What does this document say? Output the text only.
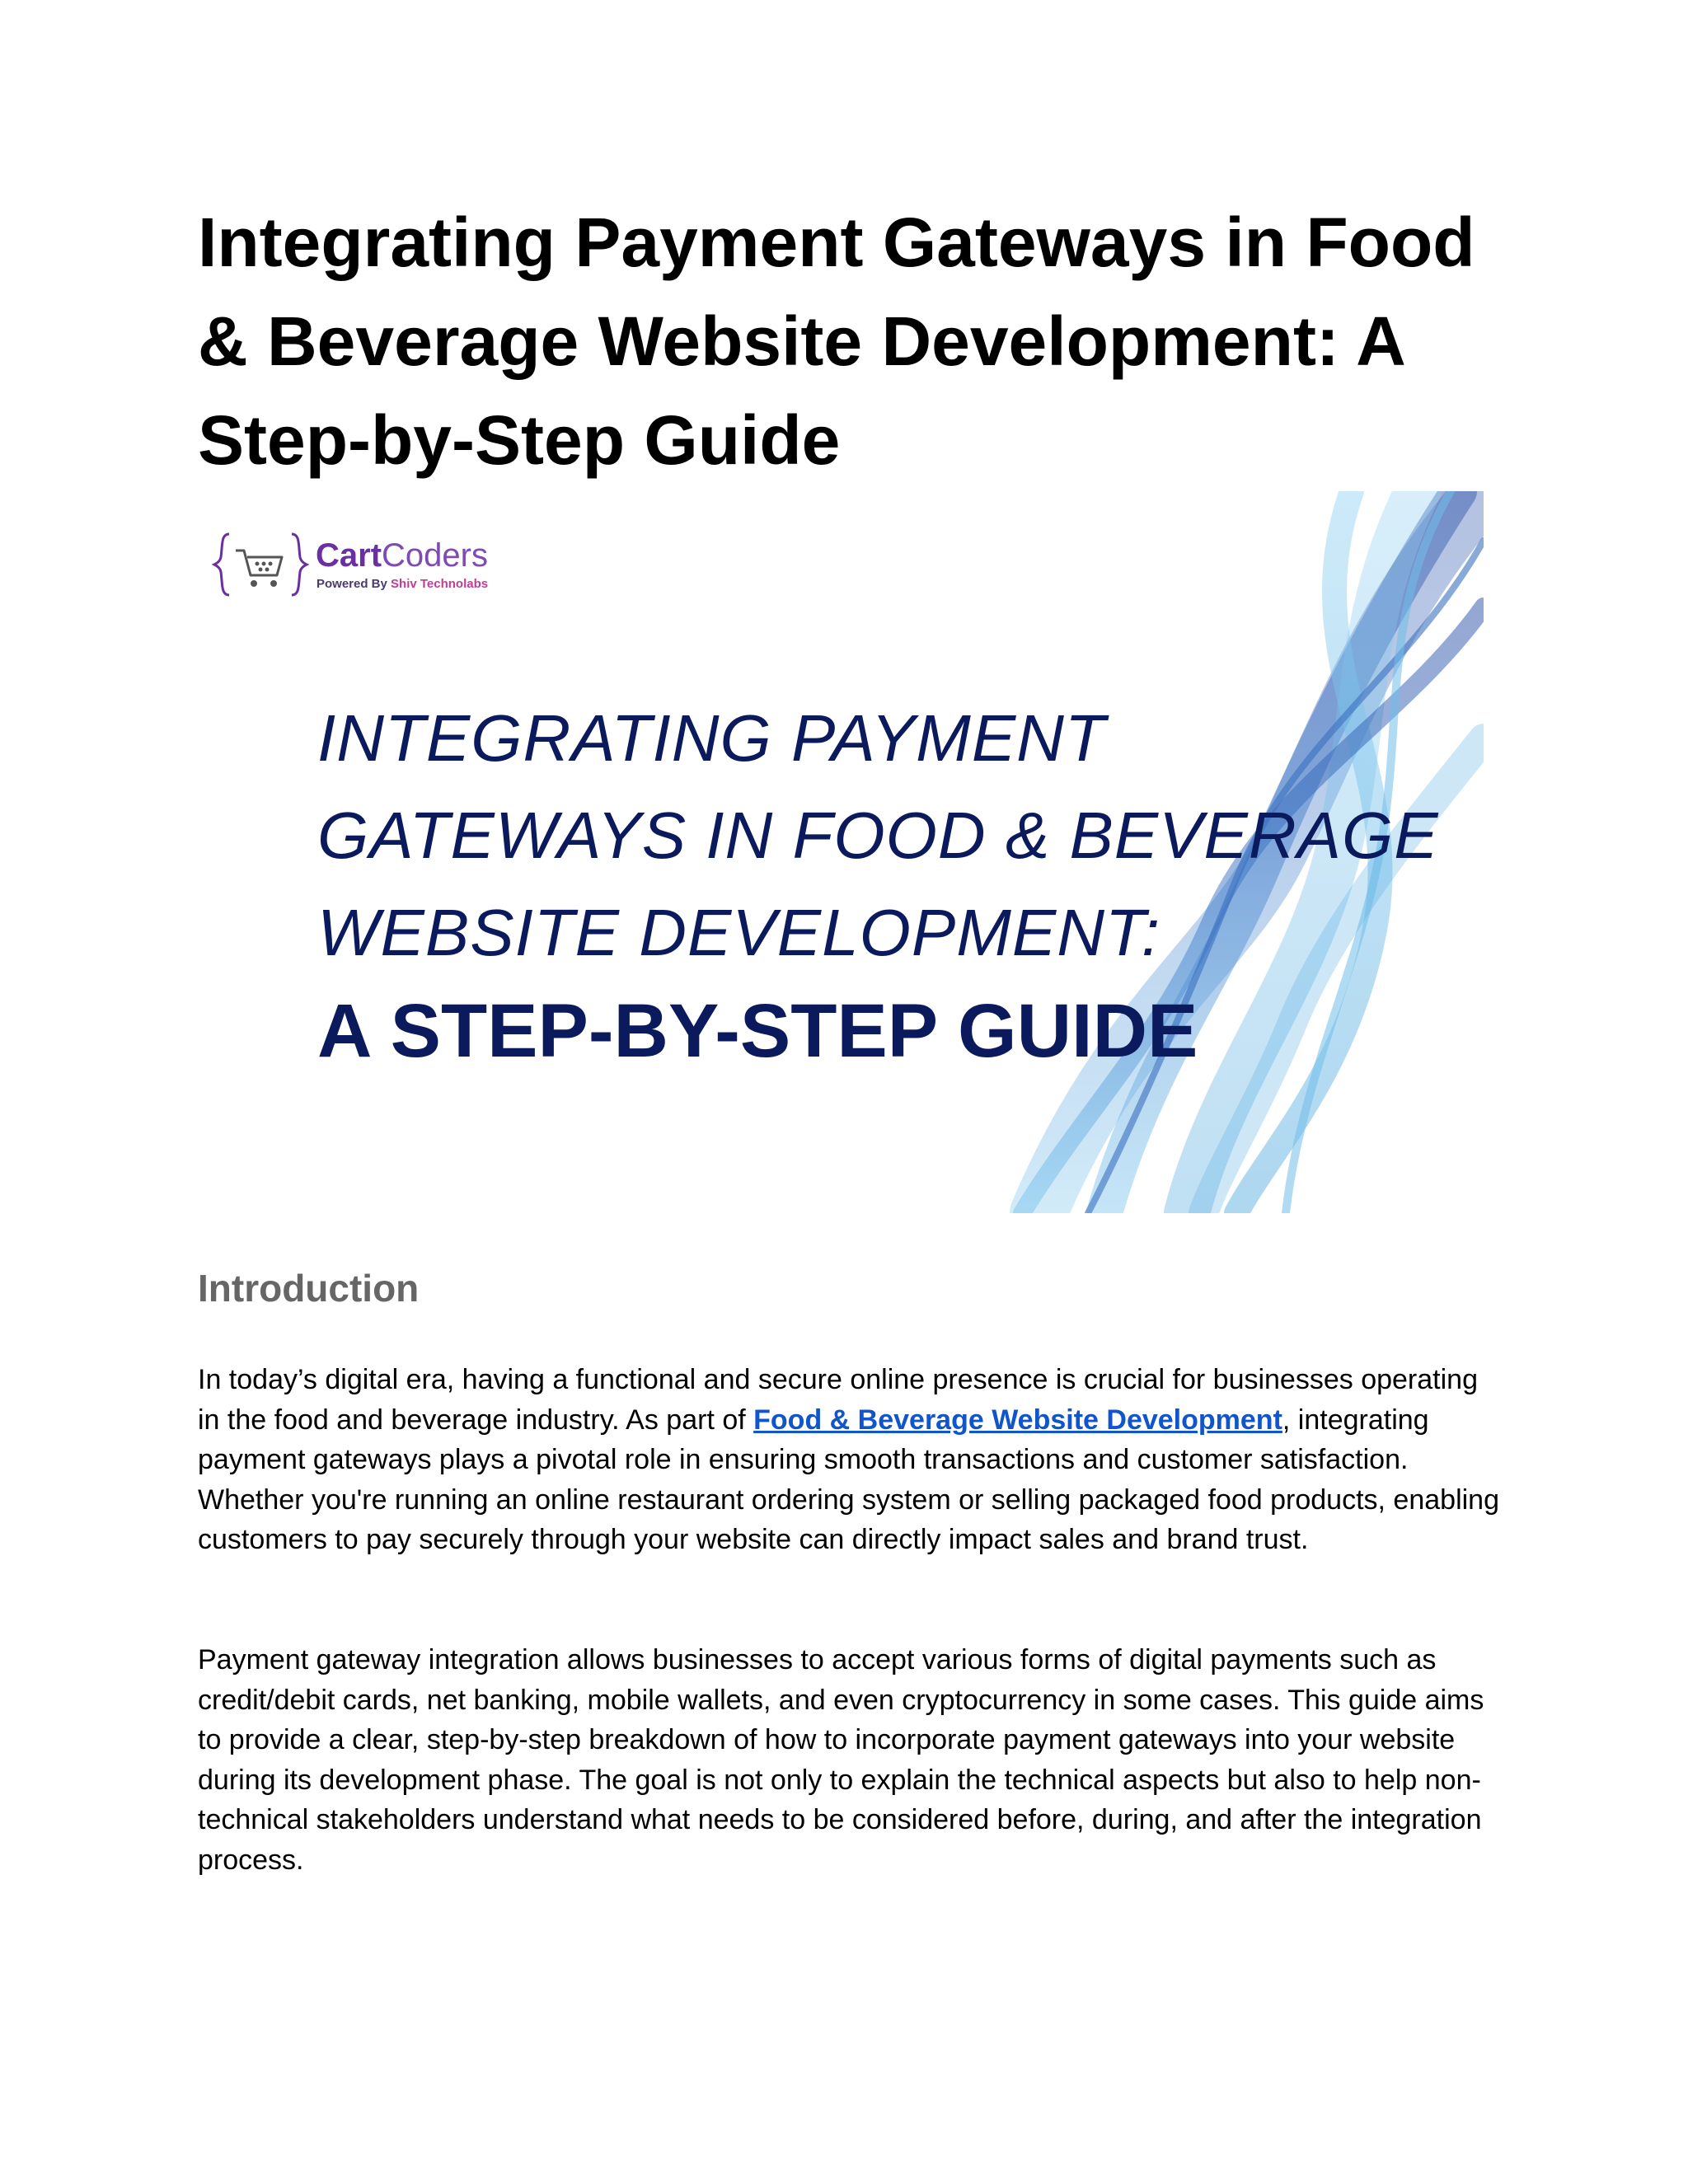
Integrating Payment Gateways in Food & Beverage Website Development: A Step-by-Step Guide
CartCoders
Powered By Shiv Technolabs
INTEGRATING PAYMENT
GATEWAYS IN FOOD & BEVERAGE
WEBSITE DEVELOPMENT:
A STEP-BY-STEP GUIDE
Introduction

In today’s digital era, having a functional and secure online presence is crucial for businesses operating in the food and beverage industry. As part of Food & Beverage Website Development, integrating payment gateways plays a pivotal role in ensuring smooth transactions and customer satisfaction. Whether you're running an online restaurant ordering system or selling packaged food products, enabling customers to pay securely through your website can directly impact sales and brand trust.

Payment gateway integration allows businesses to accept various forms of digital payments such as credit/debit cards, net banking, mobile wallets, and even cryptocurrency in some cases. This guide aims to provide a clear, step-by-step breakdown of how to incorporate payment gateways into your website during its development phase. The goal is not only to explain the technical aspects but also to help non-technical stakeholders understand what needs to be considered before, during, and after the integration process.
